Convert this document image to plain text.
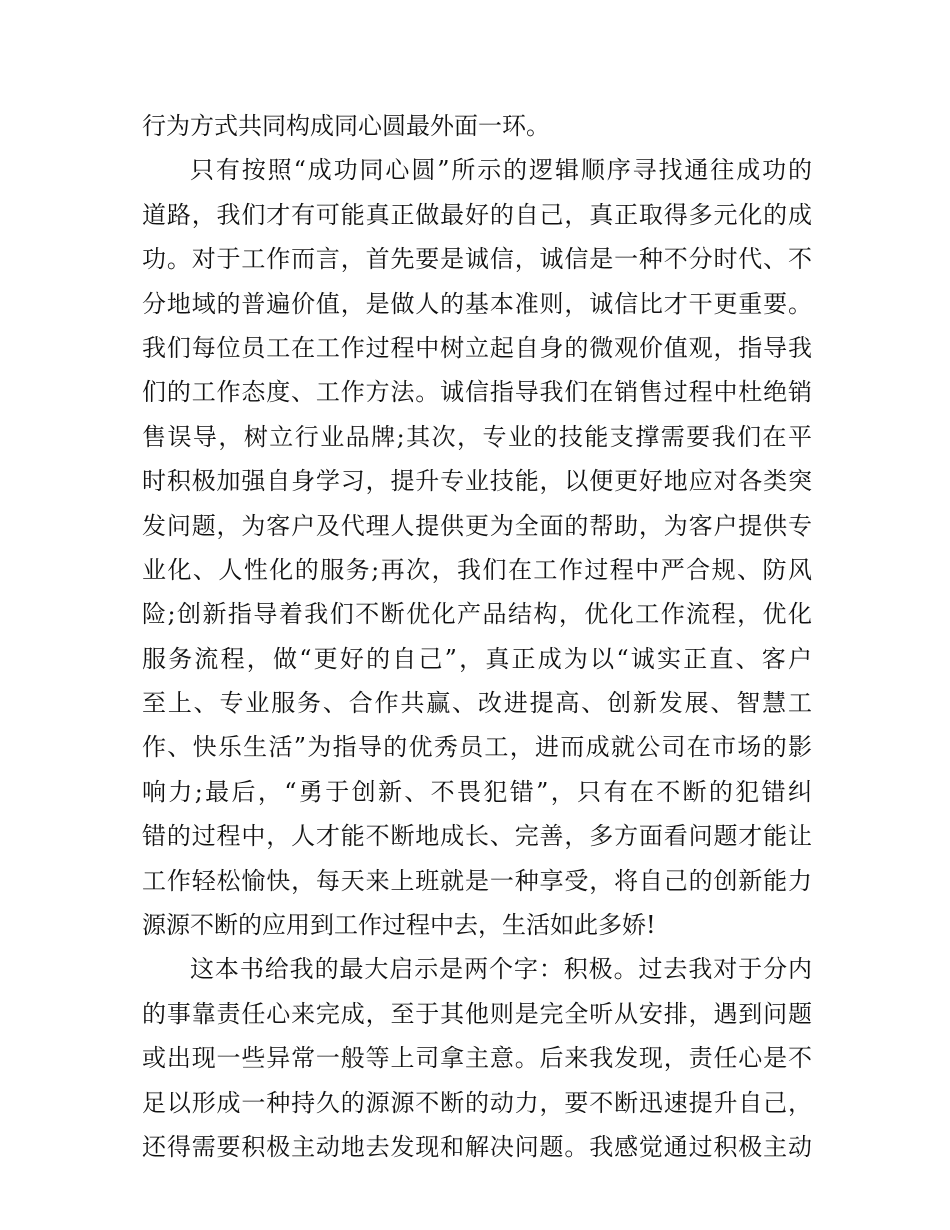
行为方式共同构成同心圆最外面一环。
只有按照“成功同心圆”所示的逻辑顺序寻找通往成功的
道路，我们才有可能真正做最好的自己，真正取得多元化的成
功。对于工作而言，首先要是诚信，诚信是一种不分时代、不
分地域的普遍价值，是做人的基本准则，诚信比才干更重要。
我们每位员工在工作过程中树立起自身的微观价值观，指导我
们的工作态度、工作方法。诚信指导我们在销售过程中杜绝销
售误导，树立行业品牌;其次，专业的技能支撑需要我们在平
时积极加强自身学习，提升专业技能，以便更好地应对各类突
发问题，为客户及代理人提供更为全面的帮助，为客户提供专
业化、人性化的服务;再次，我们在工作过程中严合规、防风
险;创新指导着我们不断优化产品结构，优化工作流程，优化
服务流程，做“更好的自己”，真正成为以“诚实正直、客户
至上、专业服务、合作共赢、改进提高、创新发展、智慧工
作、快乐生活”为指导的优秀员工，进而成就公司在市场的影
响力;最后，“勇于创新、不畏犯错”，只有在不断的犯错纠
错的过程中，人才能不断地成长、完善，多方面看问题才能让
工作轻松愉快，每天来上班就是一种享受，将自己的创新能力
源源不断的应用到工作过程中去，生活如此多娇!
这本书给我的最大启示是两个字：积极。过去我对于分内
的事靠责任心来完成，至于其他则是完全听从安排，遇到问题
或出现一些异常一般等上司拿主意。后来我发现，责任心是不
足以形成一种持久的源源不断的动力，要不断迅速提升自己，
还得需要积极主动地去发现和解决问题。我感觉通过积极主动
